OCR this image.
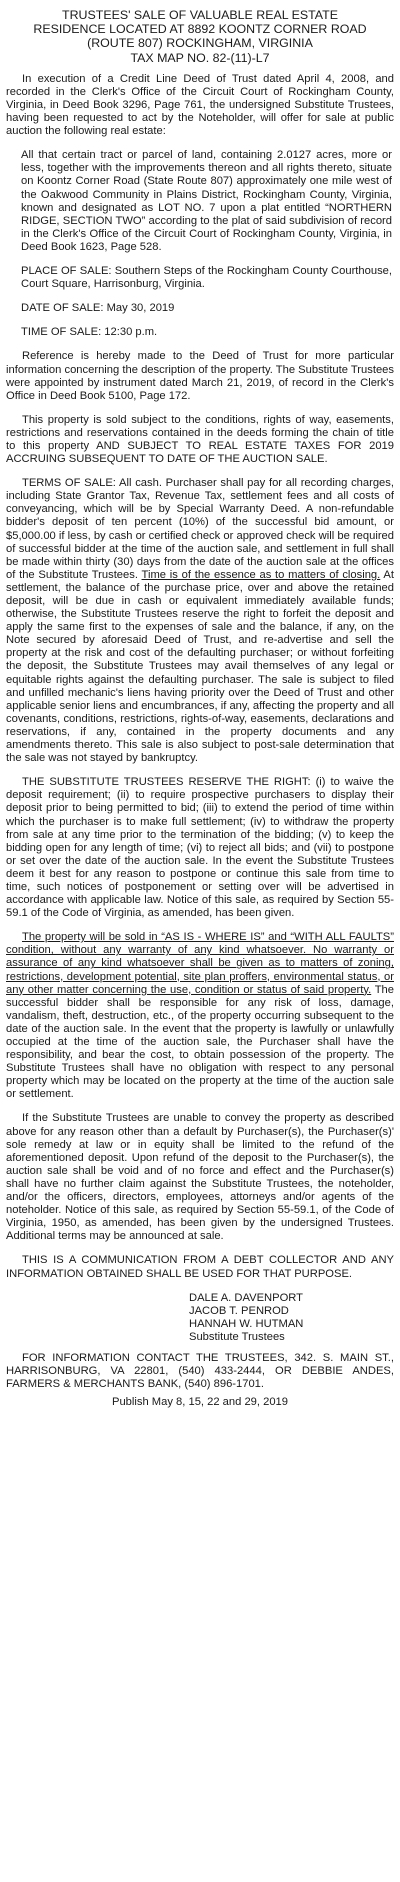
TRUSTEES' SALE OF VALUABLE REAL ESTATE
RESIDENCE LOCATED AT 8892 KOONTZ CORNER ROAD
(ROUTE 807) ROCKINGHAM, VIRGINIA
TAX MAP NO. 82-(11)-L7

In execution of a Credit Line Deed of Trust dated April 4, 2008, and recorded in the Clerk's Office of the Circuit Court of Rockingham County, Virginia, in Deed Book 3296, Page 761, the undersigned Substitute Trustees, having been requested to act by the Noteholder, will offer for sale at public auction the following real estate:

All that certain tract or parcel of land, containing 2.0127 acres, more or less, together with the improvements thereon and all rights thereto, situate on Koontz Corner Road (State Route 807) approximately one mile west of the Oakwood Community in Plains District, Rockingham County, Virginia, known and designated as LOT NO. 7 upon a plat entitled “NORTHERN RIDGE, SECTION TWO” according to the plat of said subdivision of record in the Clerk's Office of the Circuit Court of Rockingham County, Virginia, in Deed Book 1623, Page 528.

PLACE OF SALE: Southern Steps of the Rockingham County Courthouse, Court Square, Harrisonburg, Virginia.

DATE OF SALE: May 30, 2019

TIME OF SALE: 12:30 p.m.

Reference is hereby made to the Deed of Trust for more particular information concerning the description of the property. The Substitute Trustees were appointed by instrument dated March 21, 2019, of record in the Clerk's Office in Deed Book 5100, Page 172.

This property is sold subject to the conditions, rights of way, easements, restrictions and reservations contained in the deeds forming the chain of title to this property AND SUBJECT TO REAL ESTATE TAXES FOR 2019 ACCRUING SUBSEQUENT TO DATE OF THE AUCTION SALE.

TERMS OF SALE: All cash. Purchaser shall pay for all recording charges, including State Grantor Tax, Revenue Tax, settlement fees and all costs of conveyancing, which will be by Special Warranty Deed. A non-refundable bidder's deposit of ten percent (10%) of the successful bid amount, or $5,000.00 if less, by cash or certified check or approved check will be required of successful bidder at the time of the auction sale, and settlement in full shall be made within thirty (30) days from the date of the auction sale at the offices of the Substitute Trustees. Time is of the essence as to matters of closing. At settlement, the balance of the purchase price, over and above the retained deposit, will be due in cash or equivalent immediately available funds; otherwise, the Substitute Trustees reserve the right to forfeit the deposit and apply the same first to the expenses of sale and the balance, if any, on the Note secured by aforesaid Deed of Trust, and re-advertise and sell the property at the risk and cost of the defaulting purchaser; or without forfeiting the deposit, the Substitute Trustees may avail themselves of any legal or equitable rights against the defaulting purchaser. The sale is subject to filed and unfilled mechanic's liens having priority over the Deed of Trust and other applicable senior liens and encumbrances, if any, affecting the property and all covenants, conditions, restrictions, rights-of-way, easements, declarations and reservations, if any, contained in the property documents and any amendments thereto. This sale is also subject to post-sale determination that the sale was not stayed by bankruptcy.

THE SUBSTITUTE TRUSTEES RESERVE THE RIGHT: (i) to waive the deposit requirement; (ii) to require prospective purchasers to display their deposit prior to being permitted to bid; (iii) to extend the period of time within which the purchaser is to make full settlement; (iv) to withdraw the property from sale at any time prior to the termination of the bidding; (v) to keep the bidding open for any length of time; (vi) to reject all bids; and (vii) to postpone or set over the date of the auction sale. In the event the Substitute Trustees deem it best for any reason to postpone or continue this sale from time to time, such notices of postponement or setting over will be advertised in accordance with applicable law. Notice of this sale, as required by Section 55-59.1 of the Code of Virginia, as amended, has been given.

The property will be sold in “AS IS - WHERE IS” and “WITH ALL FAULTS” condition, without any warranty of any kind whatsoever. No warranty or assurance of any kind whatsoever shall be given as to matters of zoning, restrictions, development potential, site plan proffers, environmental status, or any other matter concerning the use, condition or status of said property. The successful bidder shall be responsible for any risk of loss, damage, vandalism, theft, destruction, etc., of the property occurring subsequent to the date of the auction sale. In the event that the property is lawfully or unlawfully occupied at the time of the auction sale, the Purchaser shall have the responsibility, and bear the cost, to obtain possession of the property. The Substitute Trustees shall have no obligation with respect to any personal property which may be located on the property at the time of the auction sale or settlement.

If the Substitute Trustees are unable to convey the property as described above for any reason other than a default by Purchaser(s), the Purchaser(s)' sole remedy at law or in equity shall be limited to the refund of the aforementioned deposit. Upon refund of the deposit to the Purchaser(s), the auction sale shall be void and of no force and effect and the Purchaser(s) shall have no further claim against the Substitute Trustees, the noteholder, and/or the officers, directors, employees, attorneys and/or agents of the noteholder. Notice of this sale, as required by Section 55-59.1, of the Code of Virginia, 1950, as amended, has been given by the undersigned Trustees. Additional terms may be announced at sale.

THIS IS A COMMUNICATION FROM A DEBT COLLECTOR AND ANY INFORMATION OBTAINED SHALL BE USED FOR THAT PURPOSE.

DALE A. DAVENPORT
JACOB T. PENROD
HANNAH W. HUTMAN
Substitute Trustees

FOR INFORMATION CONTACT THE TRUSTEES, 342. S. MAIN ST., HARRISONBURG, VA 22801, (540) 433-2444, OR DEBBIE ANDES, FARMERS & MERCHANTS BANK, (540) 896-1701.

Publish May 8, 15, 22 and 29, 2019
